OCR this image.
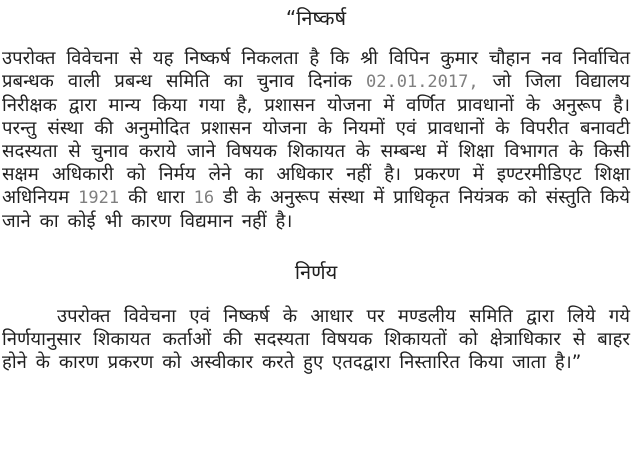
“निष्कर्ष

उपरोक्त विवेचना से यह निष्कर्ष निकलता है कि श्री विपिन कुमार चौहान नव निर्वाचित प्रबन्धक वाली प्रबन्ध समिति का चुनाव दिनांक 02.01.2017, जो जिला विद्यालय निरीक्षक द्वारा मान्य किया गया है, प्रशासन योजना में वर्णित प्रावधानों के अनुरूप है। परन्तु संस्था की अनुमोदित प्रशासन योजना के नियमों एवं प्रावधानों के विपरीत बनावटी सदस्यता से चुनाव कराये जाने विषयक शिकायत के सम्बन्ध में शिक्षा विभागत के किसी सक्षम अधिकारी को निर्मय लेने का अधिकार नहीं है। प्रकरण में इण्टरमीडिएट शिक्षा अधिनियम 1921 की धारा 16 डी के अनुरूप संस्था में प्राधिकृत नियंत्रक को संस्तुति किये जाने का कोई भी कारण विद्यमान नहीं है।

निर्णय

उपरोक्त विवेचना एवं निष्कर्ष के आधार पर मण्डलीय समिति द्वारा लिये गये निर्णयानुसार शिकायत कर्ताओं की सदस्यता विषयक शिकायतों को क्षेत्राधिकार से बाहर होने के कारण प्रकरण को अस्वीकार करते हुए एतदद्वारा निस्तारित किया जाता है।”
